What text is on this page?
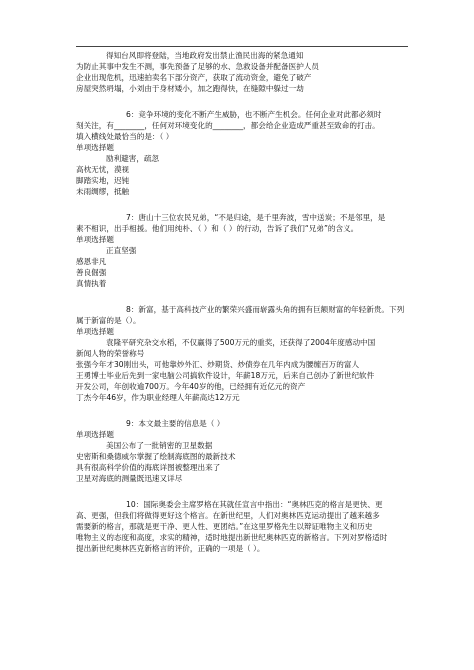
得知台风即将登陆，当地政府发出禁止渔民出海的紧急通知
为防止其事中发生不测，事先预备了足够的水、急救设备并配备医护人员
企业出现危机，迅速拍卖名下部分资产，获取了流动资金，避免了破产
房屋突然坍塌，小刘由于身材矮小，加之跑得快，在缝隙中躲过一劫
6：竞争环境的变化不断产生威胁，也不断产生机会。任何企业对此都必须时
刻关注，有________，任何对环境变化的________，都会给企业造成严重甚至致命的打击。
填入横线处最恰当的是：（ ）
单项选择题
励利避害，疏忽
高枕无忧，漠视
脚踏实地，迟钝
未雨绸缪，抵触
7：唐山十三位农民兄弟，“不是归途，是千里奔波，雪中送炭；不是邻里，是
素不相识，出手相援。他们用纯朴、（ ）和（ ）的行动，告诉了我们“兄弟”的含义。
单项选择题
正直坚强
感恩非凡
善良倔强
真情执着
8：新富，基于高科技产业的繁荣兴盛而崭露头角的拥有巨额财富的年轻新贵。下列
属于新富的是（）。
单项选择题
袁隆平研究杂交水稻，不仅赢得了500万元的重奖，还获得了2004年度感动中国
新闻人物的荣誉称号
张强今年才30刚出头，可他靠炒外汇、炒期货、炒债券在几年内成为腰缠百万的富人
王勇博士毕业后先到一家电脑公司搞软件设计，年薪18万元，后来自己创办了新世纪软件
开发公司，年创收逾700万。今年40岁的他，已经拥有近亿元的资产
丁杰今年46岁，作为职业经理人年薪高达12万元
9：本文最主要的信息是（ ）
单项选择题
美国公布了一批销密的卫星数据
史密斯和桑德威尔掌握了绘制海底图的最新技术
具有很高科学价值的海底详图被整理出来了
卫星对海底的测量既迅速又详尽
10：国际奥委会主席罗格在其就任宣言中指出：“奥林匹克的格言是更快、更
高、更强，但我们将做得更好这个格言。在新世纪里，人们对奥林匹克运动提出了越来越多
需要新的格言，那就是更干净、更人性、更团结。”在这里罗格先生以辩证唯物主义和历史
唯物主义的态度和高度，求实的精神，适时地提出新世纪奥林匹克的新格言。下列对罗格适时
提出新世纪奥林匹克新格言的评价，正确的一项是（ ）。
